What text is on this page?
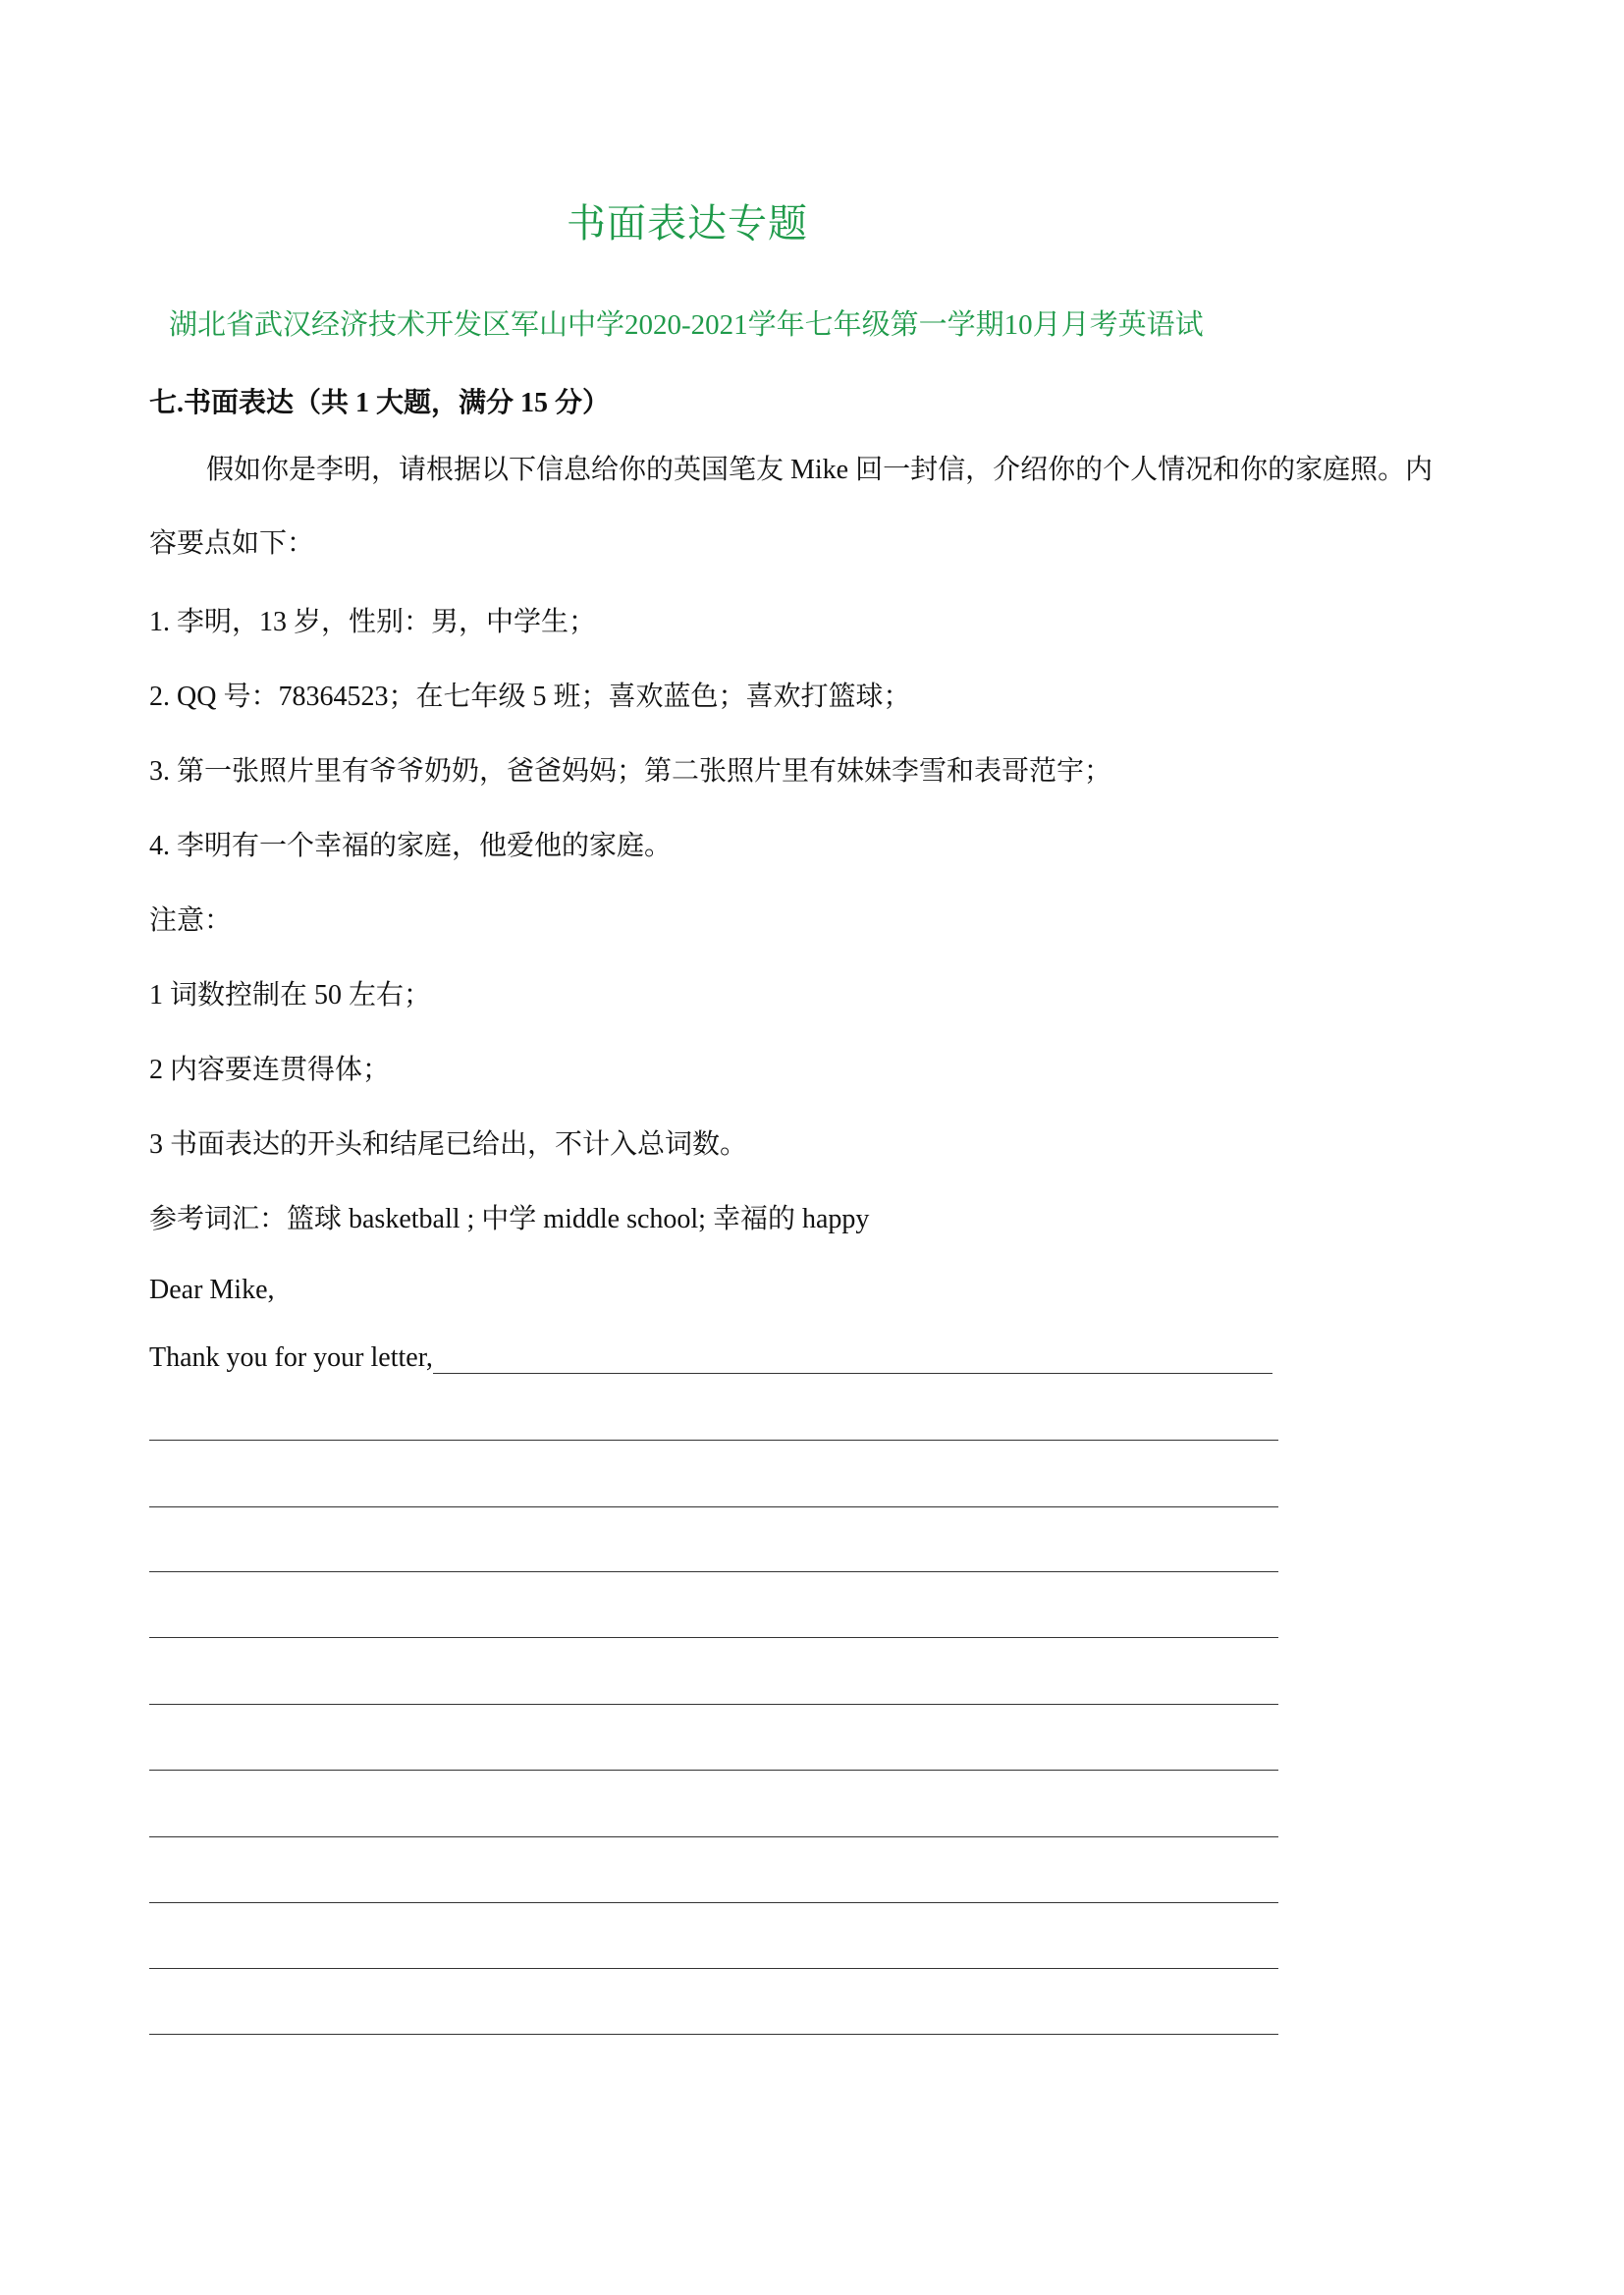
书面表达专题
湖北省武汉经济技术开发区军山中学2020-2021学年七年级第一学期10月月考英语试
七.书面表达（共 1 大题，满分 15 分）
假如你是李明，请根据以下信息给你的英国笔友 Mike 回一封信，介绍你的个人情况和你的家庭照。内
容要点如下：
1. 李明，13 岁，性别：男，中学生；
2. QQ 号：78364523；在七年级 5 班；喜欢蓝色；喜欢打篮球；
3. 第一张照片里有爷爷奶奶，爸爸妈妈；第二张照片里有妹妹李雪和表哥范宇；
4. 李明有一个幸福的家庭，他爱他的家庭。
注意：
1 词数控制在 50 左右；
2 内容要连贯得体；
3 书面表达的开头和结尾已给出，不计入总词数。
参考词汇：篮球 basketball ; 中学 middle school; 幸福的 happy
Dear Mike,
Thank you for your letter,
